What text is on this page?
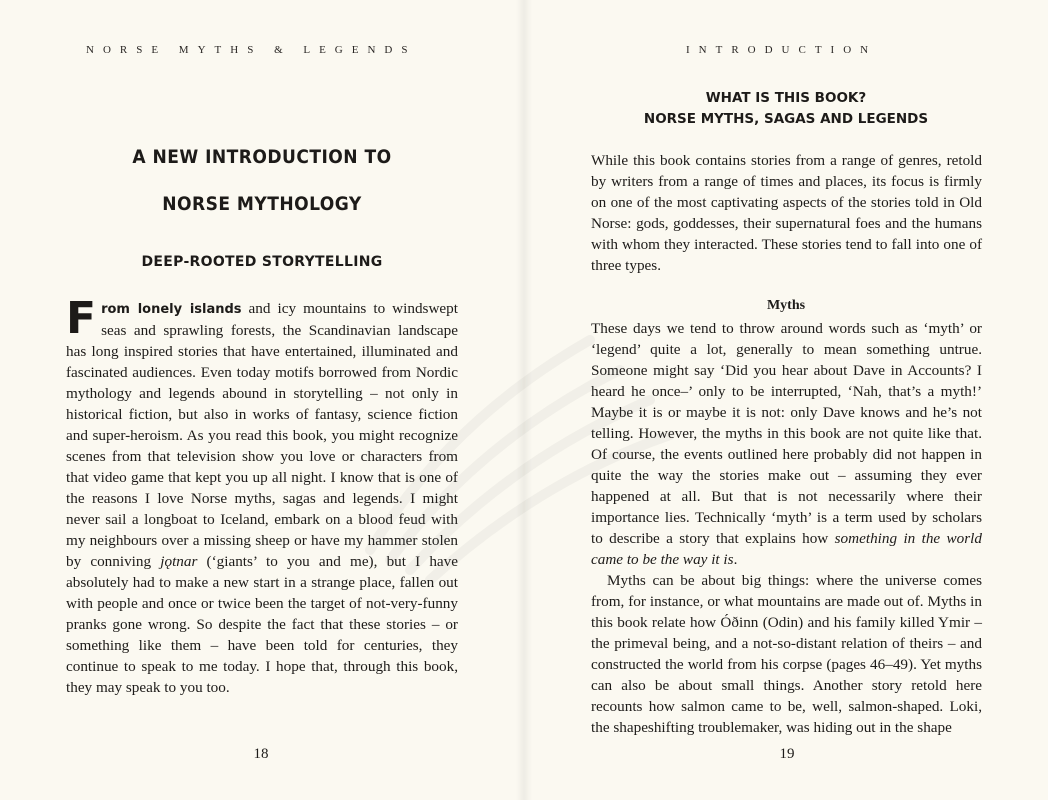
NORSE MYTHS & LEGENDS
A NEW INTRODUCTION TO
NORSE MYTHOLOGY
DEEP-ROOTED STORYTELLING
From lonely islands and icy mountains to windswept seas and sprawling forests, the Scandinavian landscape has long inspired stories that have entertained, illuminated and fascinated audiences. Even today motifs borrowed from Nordic mythology and legends abound in storytelling – not only in historical fiction, but also in works of fantasy, science fiction and super-heroism. As you read this book, you might recognize scenes from that television show you love or characters from that video game that kept you up all night. I know that is one of the reasons I love Norse myths, sagas and legends. I might never sail a longboat to Iceland, embark on a blood feud with my neighbours over a missing sheep or have my hammer stolen by conniving jǫtnar (‘giants’ to you and me), but I have absolutely had to make a new start in a strange place, fallen out with people and once or twice been the target of not-very-funny pranks gone wrong. So despite the fact that these stories – or something like them – have been told for centuries, they continue to speak to me today. I hope that, through this book, they may speak to you too.
18
INTRODUCTION
WHAT IS THIS BOOK?
NORSE MYTHS, SAGAS AND LEGENDS
While this book contains stories from a range of genres, retold by writers from a range of times and places, its focus is firmly on one of the most captivating aspects of the stories told in Old Norse: gods, goddesses, their supernatural foes and the humans with whom they interacted. These stories tend to fall into one of three types.
Myths

These days we tend to throw around words such as ‘myth’ or ‘legend’ quite a lot, generally to mean something untrue. Someone might say ‘Did you hear about Dave in Accounts? I heard he once–’ only to be interrupted, ‘Nah, that’s a myth!’ Maybe it is or maybe it is not: only Dave knows and he’s not telling. However, the myths in this book are not quite like that. Of course, the events outlined here probably did not happen in quite the way the stories make out – assuming they ever happened at all. But that is not necessarily where their importance lies. Technically ‘myth’ is a term used by scholars to describe a story that explains how something in the world came to be the way it is.

Myths can be about big things: where the universe comes from, for instance, or what mountains are made out of. Myths in this book relate how Óðinn (Odin) and his family killed Ymir – the primeval being, and a not-so-distant relation of theirs – and constructed the world from his corpse (pages 46–49). Yet myths can also be about small things. Another story retold here recounts how salmon came to be, well, salmon-shaped. Loki, the shapeshifting troublemaker, was hiding out in the shape

19
